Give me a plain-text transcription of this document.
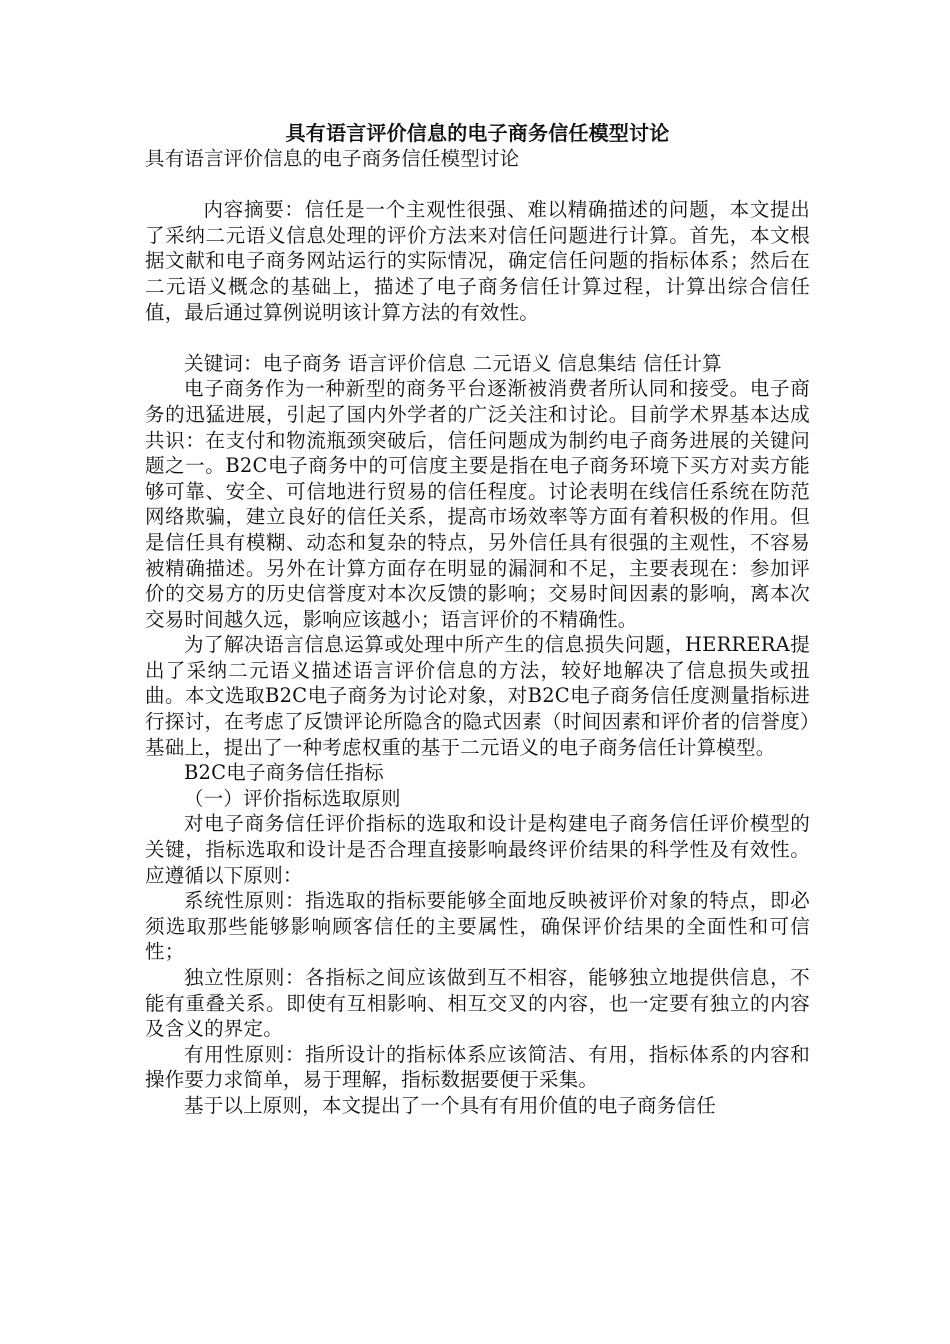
具有语言评价信息的电子商务信任模型讨论
具有语言评价信息的电子商务信任模型讨论

内容摘要：信任是一个主观性很强、难以精确描述的问题，本文提出了采纳二元语义信息处理的评价方法来对信任问题进行计算。首先，本文根据文献和电子商务网站运行的实际情况，确定信任问题的指标体系；然后在二元语义概念的基础上，描述了电子商务信任计算过程，计算出综合信任值，最后通过算例说明该计算方法的有效性。

关键词：电子商务 语言评价信息 二元语义 信息集结 信任计算

电子商务作为一种新型的商务平台逐渐被消费者所认同和接受。电子商务的迅猛进展，引起了国内外学者的广泛关注和讨论。目前学术界基本达成共识：在支付和物流瓶颈突破后，信任问题成为制约电子商务进展的关键问题之一。B2C电子商务中的可信度主要是指在电子商务环境下买方对卖方能够可靠、安全、可信地进行贸易的信任程度。讨论表明在线信任系统在防范网络欺骗，建立良好的信任关系，提高市场效率等方面有着积极的作用。但是信任具有模糊、动态和复杂的特点，另外信任具有很强的主观性，不容易被精确描述。另外在计算方面存在明显的漏洞和不足，主要表现在：参加评价的交易方的历史信誉度对本次反馈的影响；交易时间因素的影响，离本次交易时间越久远，影响应该越小；语言评价的不精确性。

为了解决语言信息运算或处理中所产生的信息损失问题，HERRERA提出了采纳二元语义描述语言评价信息的方法，较好地解决了信息损失或扭曲。本文选取B2C电子商务为讨论对象，对B2C电子商务信任度测量指标进行探讨，在考虑了反馈评论所隐含的隐式因素（时间因素和评价者的信誉度）基础上，提出了一种考虑权重的基于二元语义的电子商务信任计算模型。

B2C电子商务信任指标
（一）评价指标选取原则

对电子商务信任评价指标的选取和设计是构建电子商务信任评价模型的关键，指标选取和设计是否合理直接影响最终评价结果的科学性及有效性。应遵循以下原则：

系统性原则：指选取的指标要能够全面地反映被评价对象的特点，即必须选取那些能够影响顾客信任的主要属性，确保评价结果的全面性和可信性；

独立性原则：各指标之间应该做到互不相容，能够独立地提供信息，不能有重叠关系。即使有互相影响、相互交叉的内容，也一定要有独立的内容及含义的界定。

有用性原则：指所设计的指标体系应该简洁、有用，指标体系的内容和操作要力求简单，易于理解，指标数据要便于采集。

基于以上原则，本文提出了一个具有有用价值的电子商务信任
